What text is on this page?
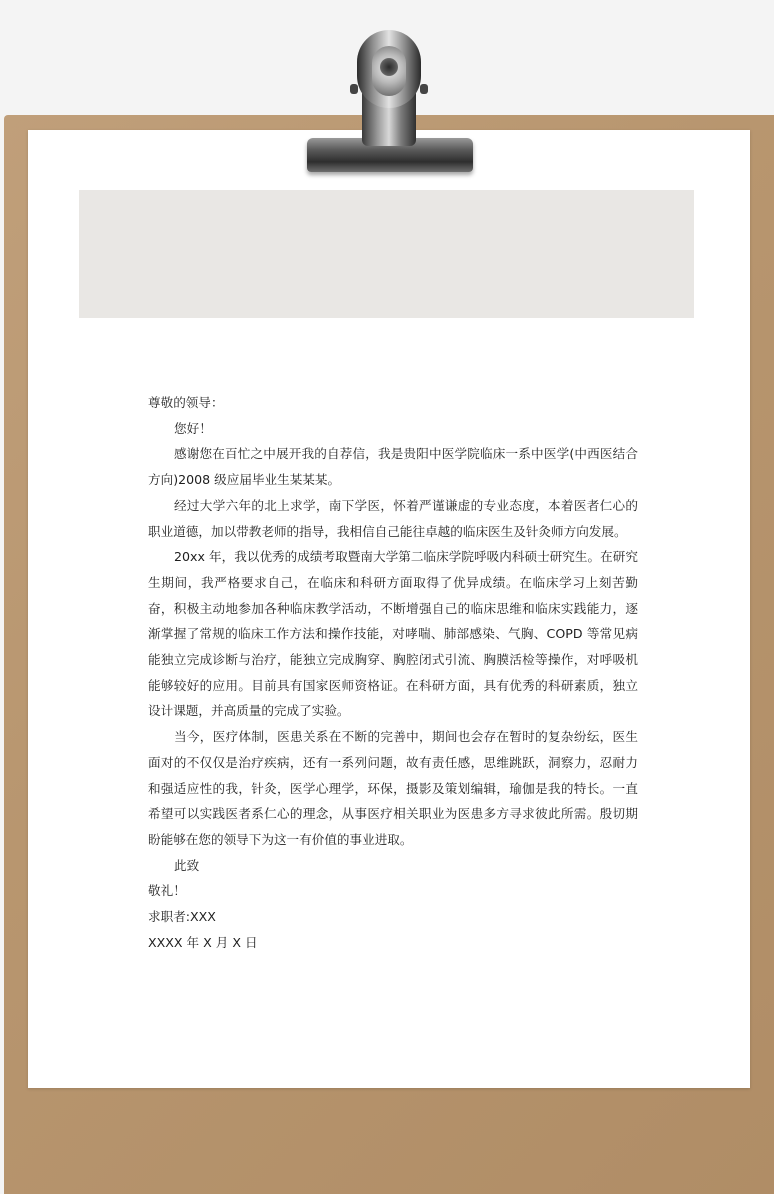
尊敬的领导：

您好！

感谢您在百忙之中展开我的自荐信，我是贵阳中医学院临床一系中医学(中西医结合方向)2008 级应届毕业生某某某。

经过大学六年的北上求学，南下学医，怀着严谨谦虚的专业态度，本着医者仁心的职业道德，加以带教老师的指导，我相信自己能往卓越的临床医生及针灸师方向发展。

20xx 年，我以优秀的成绩考取暨南大学第二临床学院呼吸内科硕士研究生。在研究生期间，我严格要求自己，在临床和科研方面取得了优异成绩。在临床学习上刻苦勤奋，积极主动地参加各种临床教学活动，不断增强自己的临床思维和临床实践能力，逐渐掌握了常规的临床工作方法和操作技能，对哮喘、肺部感染、气胸、COPD 等常见病能独立完成诊断与治疗，能独立完成胸穿、胸腔闭式引流、胸膜活检等操作，对呼吸机能够较好的应用。目前具有国家医师资格证。在科研方面，具有优秀的科研素质，独立设计课题，并高质量的完成了实验。

当今，医疗体制，医患关系在不断的完善中，期间也会存在暂时的复杂纷纭，医生面对的不仅仅是治疗疾病，还有一系列问题，故有责任感，思维跳跃，洞察力，忍耐力和强适应性的我，针灸，医学心理学，环保，摄影及策划编辑，瑜伽是我的特长。一直希望可以实践医者系仁心的理念，从事医疗相关职业为医患多方寻求彼此所需。殷切期盼能够在您的领导下为这一有价值的事业进取。

此致

敬礼！

求职者:XXX

XXXX 年 X 月 X 日
